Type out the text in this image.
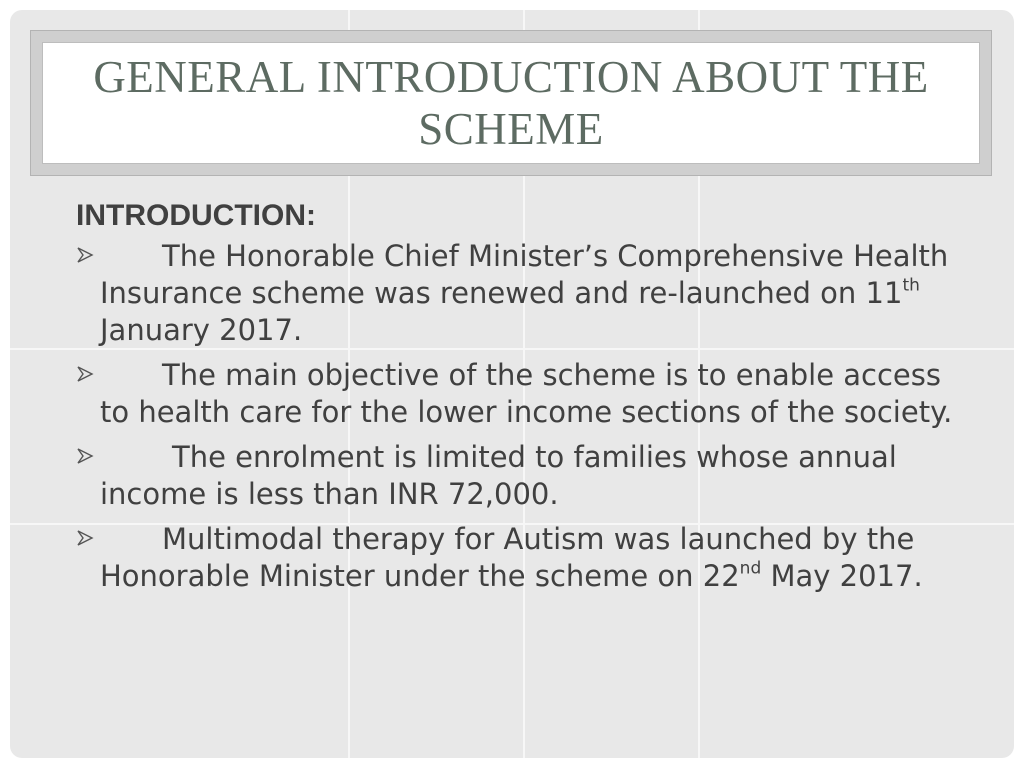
GENERAL INTRODUCTION ABOUT THE SCHEME
INTRODUCTION:
The Honorable Chief Minister’s Comprehensive Health Insurance scheme was renewed and re-launched on 11th January 2017.
The main objective of the scheme is to enable access to health care for the lower income sections of the society.
The enrolment is limited to families whose annual income is less than INR 72,000.
Multimodal therapy for Autism was launched by the Honorable Minister under the scheme on 22nd May 2017.
